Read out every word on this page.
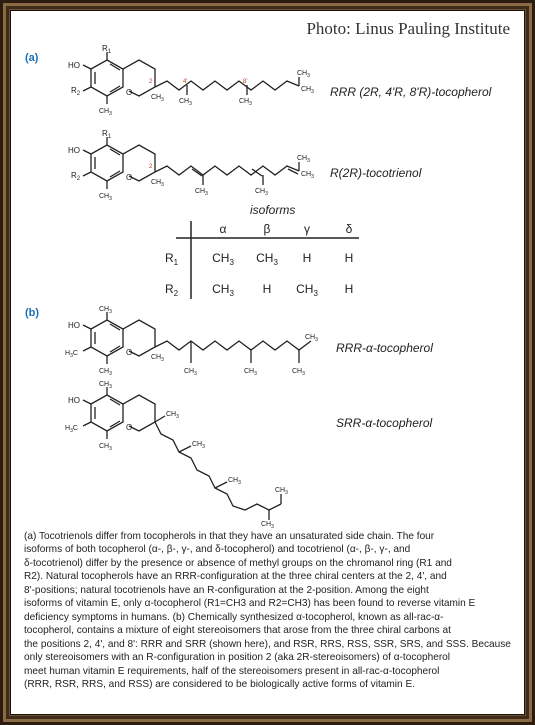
Photo: Linus Pauling Institute
(a)
(b)
RRR (2R, 4'R, 8'R)-tocopherol
R(2R)-tocotrienol
RRR-α-tocopherol
SRR-α-tocopherol
$R_2$
$R_1$
HO
$CH_3$
O
$CH_3$ $CH_3$	$CH_3$
$CH_3$
$CH_3$
2	4'	8'
$R_2$
$R_1$
HO
$CH_3$
O
$CH_3$
$CH_3$	$CH_3$
$CH_3$
$CH_3$
2
isoforms
α	β	γ	δ
$R_1$	$CH_3$ $CH_3$ H	H
$R_2$	$CH_3$ H $CH_3$ H
HO
$H_3C$
$CH_3$
$CH_3$
O
$CH_3$
$CH_3$	$CH_3$	$CH_3$
$CH_3$
HO
$H_3C$
$CH_3$
$CH_3$
O
$CH_3$
$CH_3$
$CH_3$
$CH_3$
$CH_3$
(a) Tocotrienols differ from tocopherols in that they have an unsaturated side chain. The four
isoforms of both tocopherol (α-, β-, γ-, and δ-tocopherol) and tocotrienol (α-, β-, γ-, and
δ-tocotrienol) differ by the presence or absence of methyl groups on the chromanol ring (R1 and
R2). Natural tocopherols have an RRR-configuration at the three chiral centers at the 2, 4', and
8'-positions; natural tocotrienols have an R-configuration at the 2-position. Among the eight
isoforms of vitamin E, only α-tocopherol (R1=CH3 and R2=CH3) has been found to reverse vitamin E
deficiency symptoms in humans. (b) Chemically synthesized α-tocopherol, known as all-rac-α-
tocopherol, contains a mixture of eight stereoisomers that arose from the three chiral carbons at
the positions 2, 4', and 8': RRR and SRR (shown here), and RSR, RRS, RSS, SSR, SRS, and SSS. Because
only stereoisomers with an R-configuration in position 2 (aka 2R-stereoisomers) of α-tocopherol
meet human vitamin E requirements, half of the stereoisomers present in all-rac-α-tocopherol
(RRR, RSR, RRS, and RSS) are considered to be biologically active forms of vitamin E.
